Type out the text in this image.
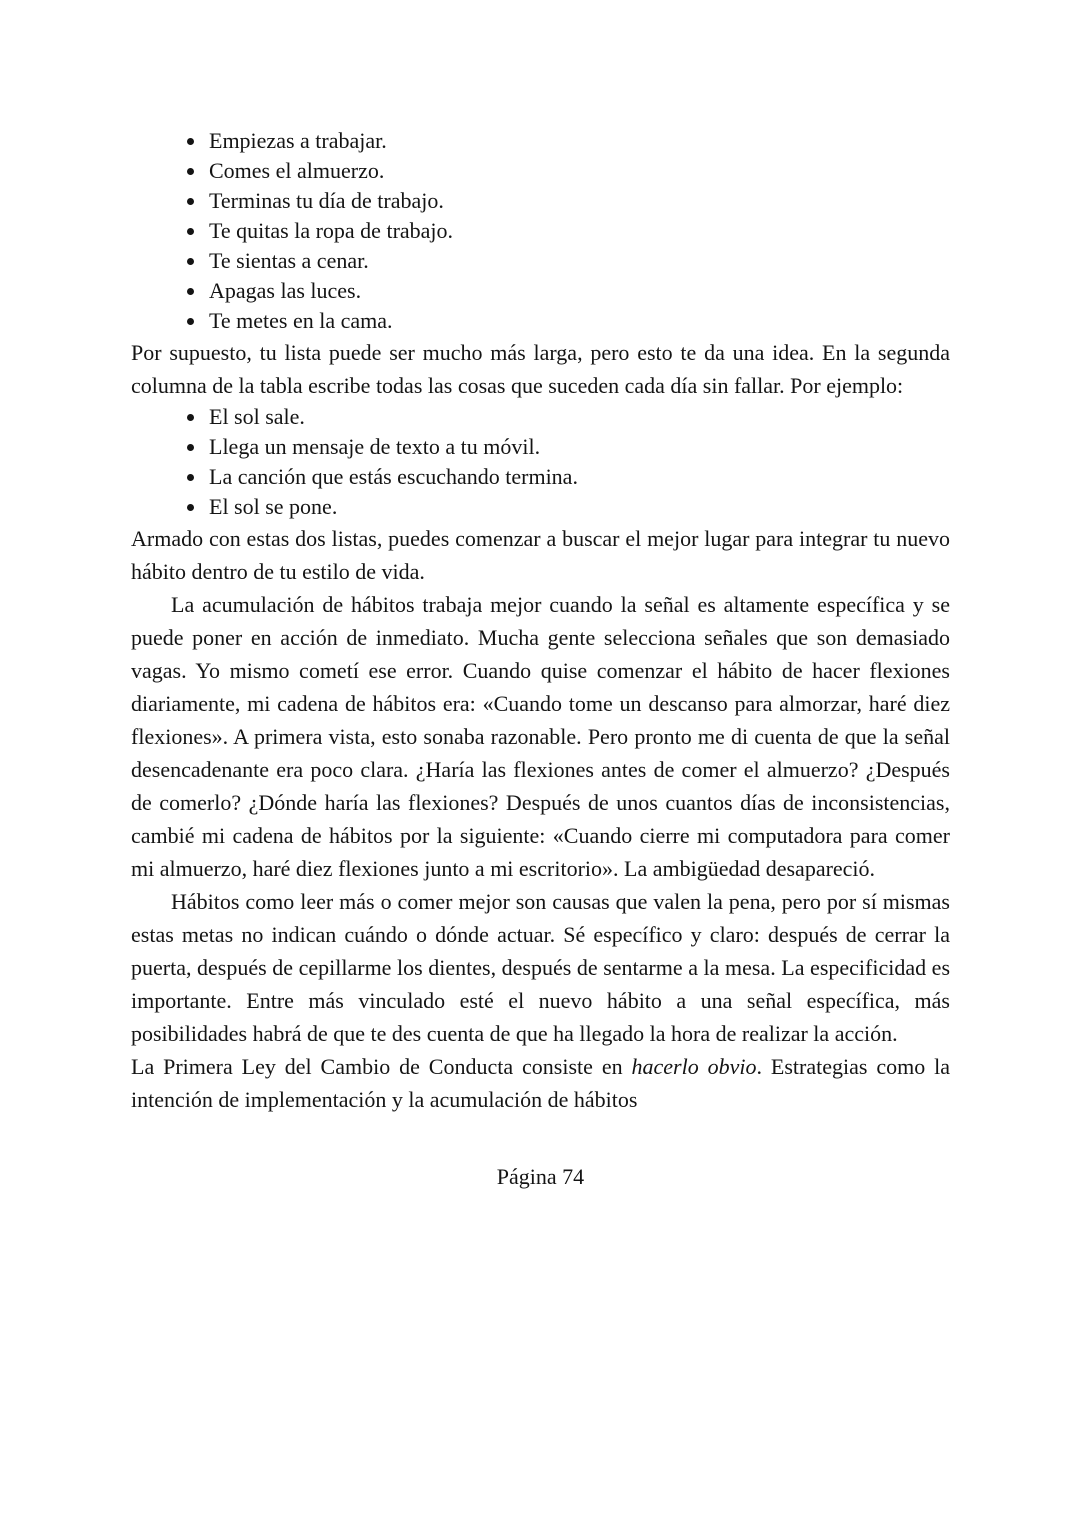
• Empiezas a trabajar.
• Comes el almuerzo.
• Terminas tu día de trabajo.
• Te quitas la ropa de trabajo.
• Te sientas a cenar.
• Apagas las luces.
• Te metes en la cama.

Por supuesto, tu lista puede ser mucho más larga, pero esto te da una idea. En la segunda columna de la tabla escribe todas las cosas que suceden cada día sin fallar. Por ejemplo:

• El sol sale.
• Llega un mensaje de texto a tu móvil.
• La canción que estás escuchando termina.
• El sol se pone.

Armado con estas dos listas, puedes comenzar a buscar el mejor lugar para integrar tu nuevo hábito dentro de tu estilo de vida.

La acumulación de hábitos trabaja mejor cuando la señal es altamente específica y se puede poner en acción de inmediato. Mucha gente selecciona señales que son demasiado vagas. Yo mismo cometí ese error. Cuando quise comenzar el hábito de hacer flexiones diariamente, mi cadena de hábitos era: «Cuando tome un descanso para almorzar, haré diez flexiones». A primera vista, esto sonaba razonable. Pero pronto me di cuenta de que la señal desencadenante era poco clara. ¿Haría las flexiones antes de comer el almuerzo? ¿Después de comerlo? ¿Dónde haría las flexiones? Después de unos cuantos días de inconsistencias, cambié mi cadena de hábitos por la siguiente: «Cuando cierre mi computadora para comer mi almuerzo, haré diez flexiones junto a mi escritorio». La ambigüedad desapareció.

Hábitos como leer más o comer mejor son causas que valen la pena, pero por sí mismas estas metas no indican cuándo o dónde actuar. Sé específico y claro: después de cerrar la puerta, después de cepillarme los dientes, después de sentarme a la mesa. La especificidad es importante. Entre más vinculado esté el nuevo hábito a una señal específica, más posibilidades habrá de que te des cuenta de que ha llegado la hora de realizar la acción.

La Primera Ley del Cambio de Conducta consiste en hacerlo obvio. Estrategias como la intención de implementación y la acumulación de hábitos

Página 74
